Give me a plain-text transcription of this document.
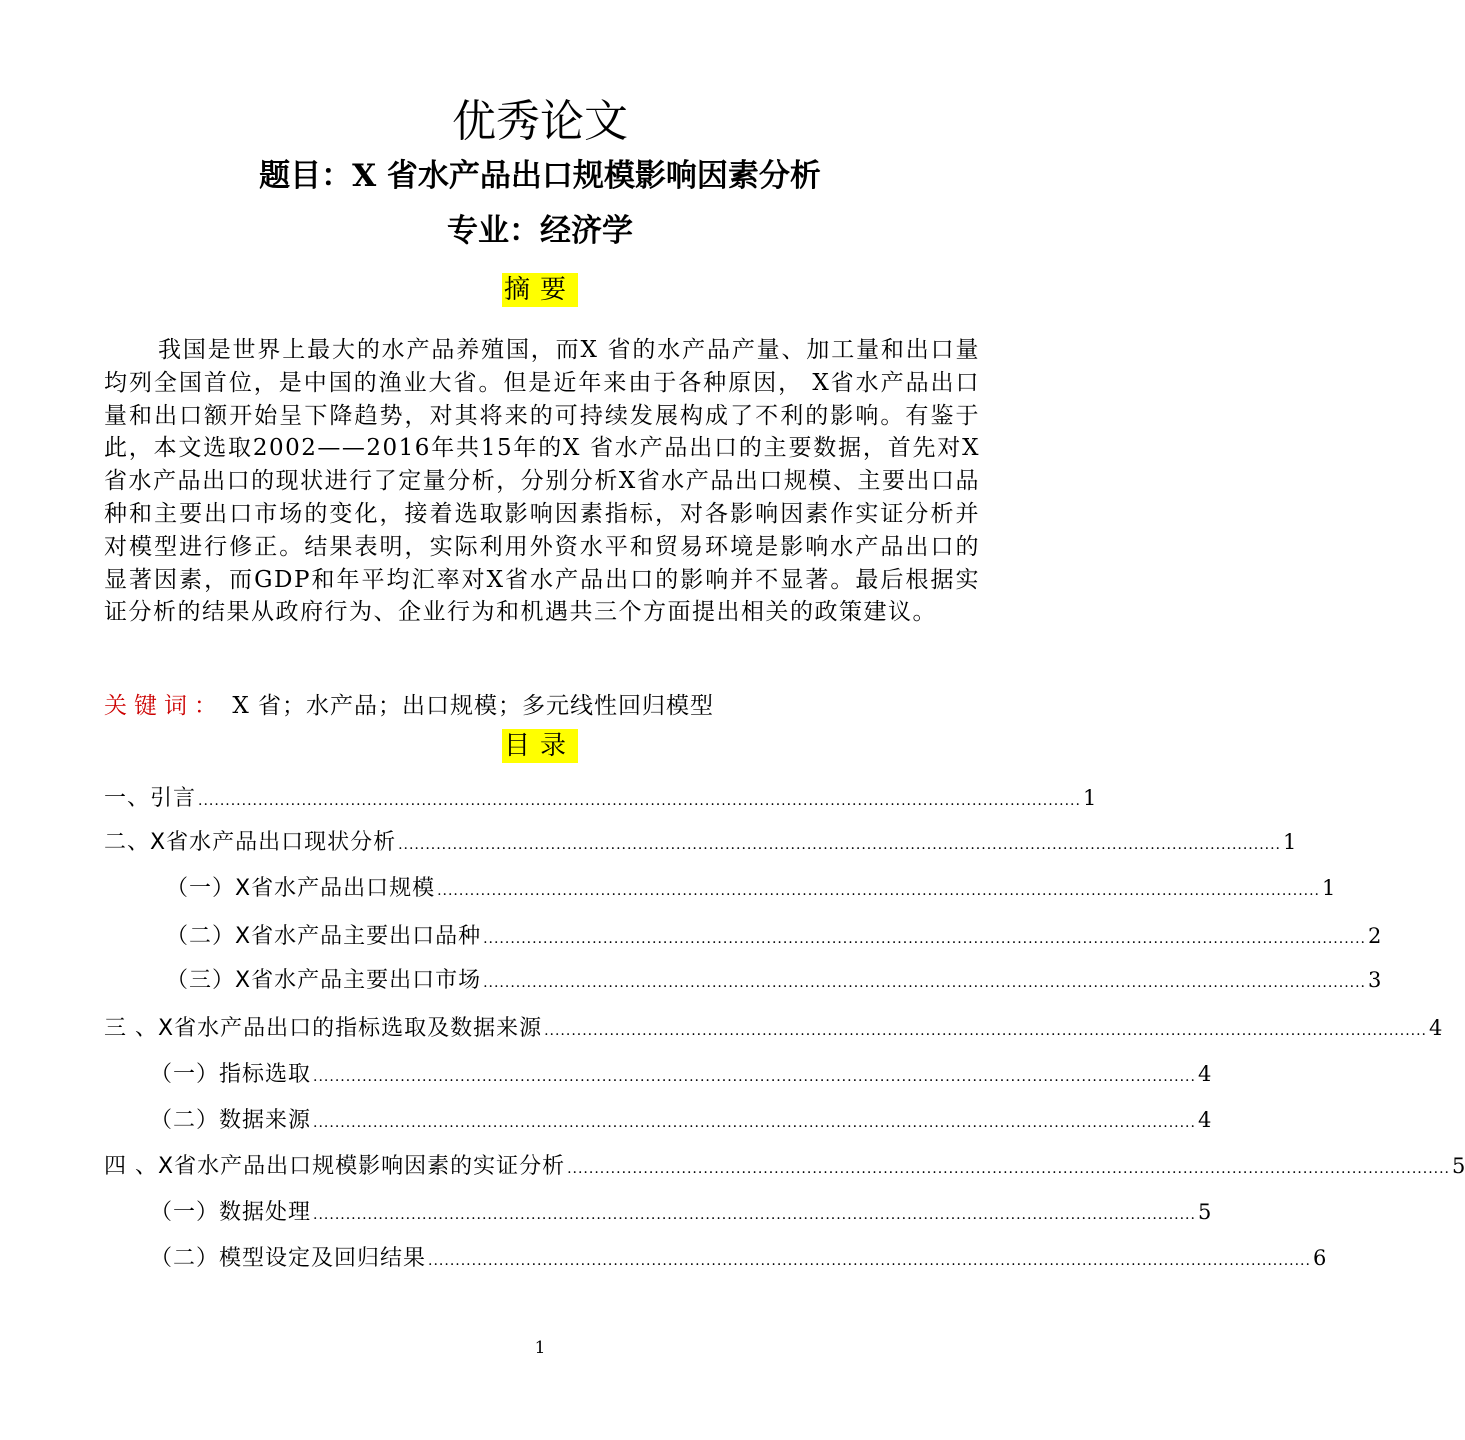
优秀论文
题目：X 省水产品出口规模影响因素分析
专业：经济学
摘要
我国是世界上最大的水产品养殖国，而X 省的水产品产量、加工量和出口量均列全国首位，是中国的渔业大省。但是近年来由于各种原因， X省水产品出口量和出口额开始呈下降趋势，对其将来的可持续发展构成了不利的影响。有鉴于此，本文选取2002——2016年共15年的X 省水产品出口的主要数据，首先对X省水产品出口的现状进行了定量分析，分别分析X省水产品出口规模、主要出口品种和主要出口市场的变化，接着选取影响因素指标，对各影响因素作实证分析并对模型进行修正。结果表明，实际利用外资水平和贸易环境是影响水产品出口的显著因素，而GDP和年平均汇率对X省水产品出口的影响并不显著。最后根据实证分析的结果从政府行为、企业行为和机遇共三个方面提出相关的政策建议。
关键词： X 省；水产品；出口规模；多元线性回归模型
目录
一、引言 .................................................................................................................................................................. 1
二、X省水产品出口现状分析 .................................................................................................................................................................. 1
（一）X省水产品出口规模 .................................................................................................................................................................. 1
（二）X省水产品主要出口品种 .................................................................................................................................................................. 2
（三）X省水产品主要出口市场 .................................................................................................................................................................. 3
三 、X省水产品出口的指标选取及数据来源 .................................................................................................................................................................. 4
（一）指标选取 .................................................................................................................................................................. 4
（二）数据来源 .................................................................................................................................................................. 4
四 、X省水产品出口规模影响因素的实证分析 .................................................................................................................................................................. 5
（一）数据处理 .................................................................................................................................................................. 5
（二）模型设定及回归结果 .................................................................................................................................................................. 6
1
